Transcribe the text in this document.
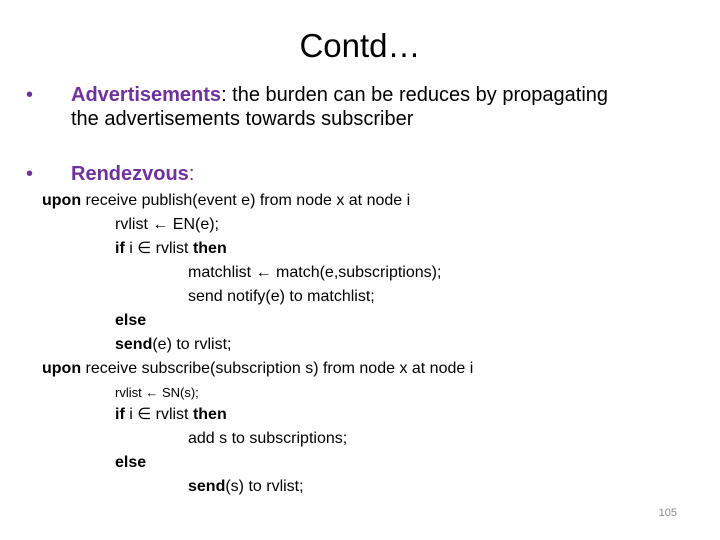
Contd…
•	Advertisements: the burden can be reduces by propagating
the advertisements towards subscriber
•	Rendezvous:
upon receive publish(event e) from node x at node i
rvlist ← EN(e);
if i ∈ rvlist then
matchlist ← match(e,subscriptions);
send notify(e) to matchlist;
else
send(e) to rvlist;
upon receive subscribe(subscription s) from node x at node i
rvlist ← SN(s);
if i ∈ rvlist then
add s to subscriptions;
else
send(s) to rvlist;
105
